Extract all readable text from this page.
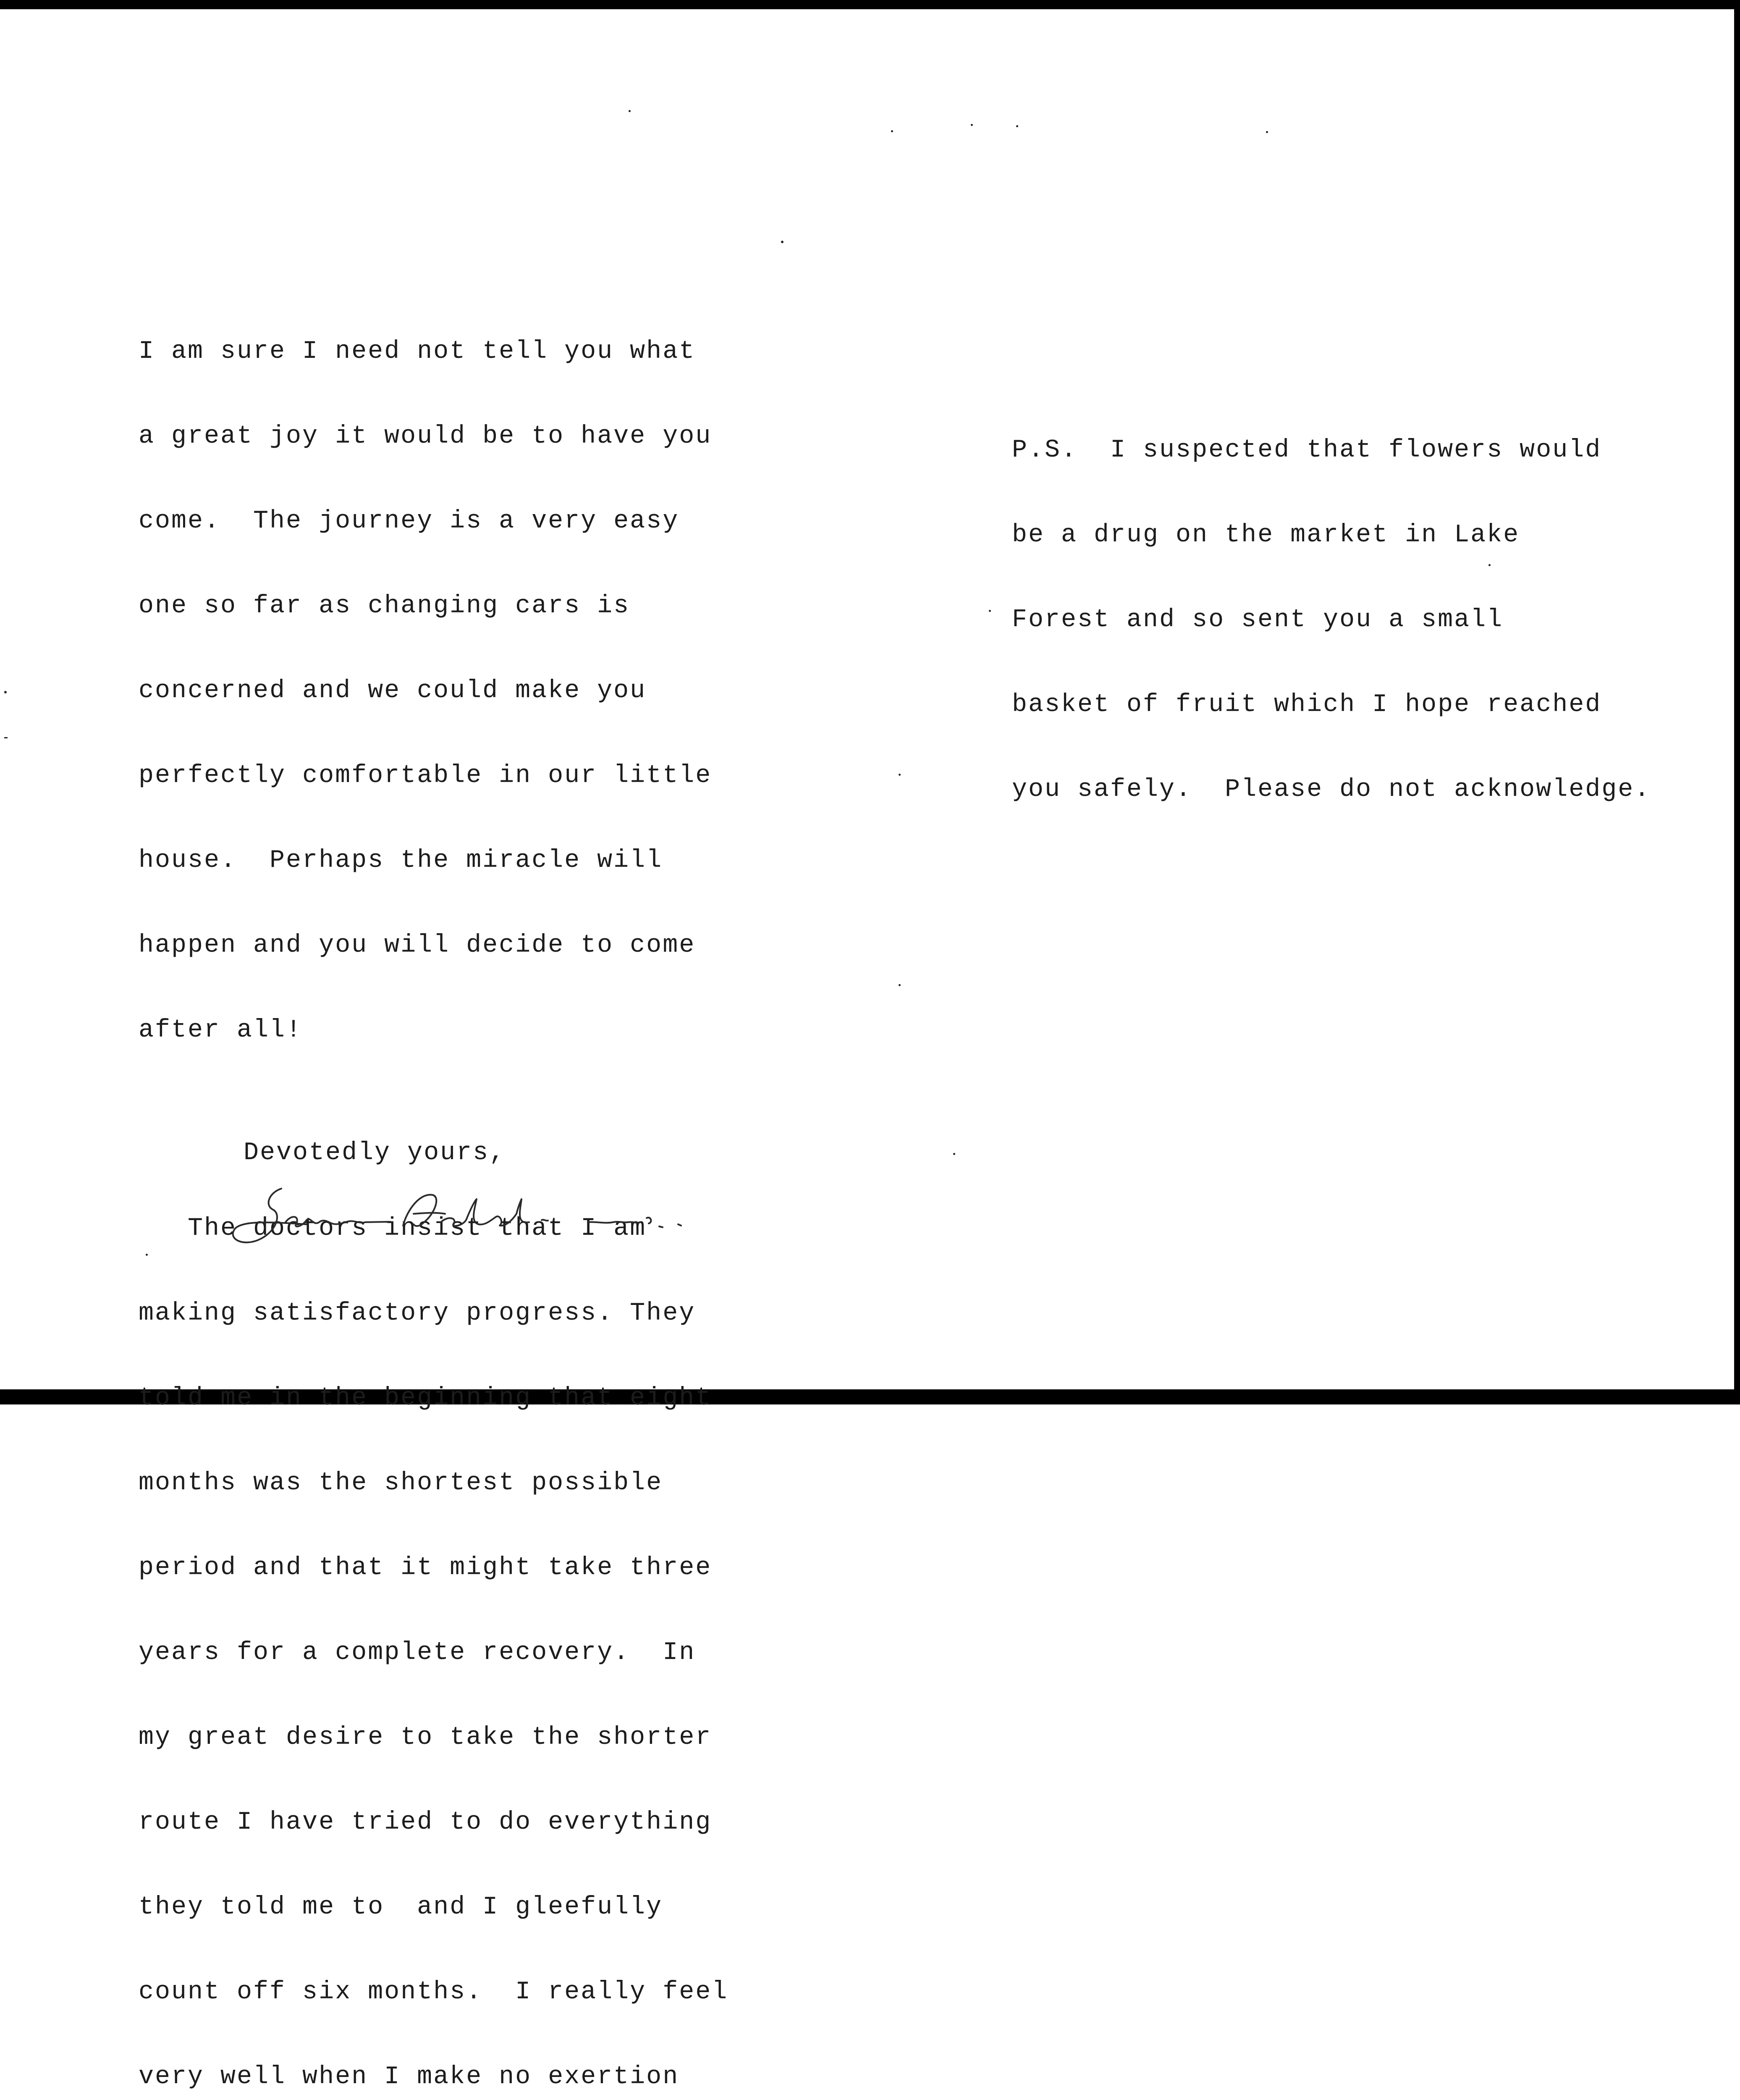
I am sure I need not tell you what

a great joy it would be to have you

come.  The journey is a very easy

one so far as changing cars is

concerned and we could make you

perfectly comfortable in our little

house.  Perhaps the miracle will

happen and you will decide to come

after all!

The doctors insist that I am

making satisfactory progress. They

told me in the beginning that eight

months was the shortest possible

period and that it might take three

years for a complete recovery.  In

my great desire to take the shorter

route I have tried to do everything

they told me to  and I gleefully

count off six months.  I really feel

very well when I make no exertion

Devotedly yours,

P.S.  I suspected that flowers would

be a drug on the market in Lake

Forest and so sent you a small

basket of fruit which I hope reached

you safely.  Please do not acknowledge.
